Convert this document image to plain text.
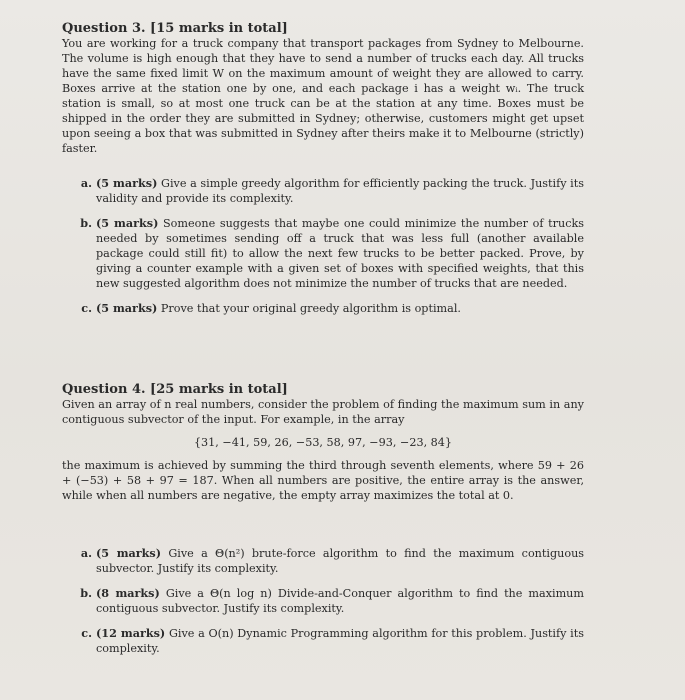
Question 3. [15 marks in total]
You are working for a truck company that transport packages from Sydney to Melbourne. The volume is high enough that they have to send a number of trucks each day. All trucks have the same fixed limit W on the maximum amount of weight they are allowed to carry. Boxes arrive at the station one by one, and each package i has a weight wᵢ. The truck station is small, so at most one truck can be at the station at any time. Boxes must be shipped in the order they are submitted in Sydney; otherwise, customers might get upset upon seeing a box that was submitted in Sydney after theirs make it to Melbourne (strictly) faster.
a. (5 marks) Give a simple greedy algorithm for efficiently packing the truck. Justify its validity and provide its complexity.
b. (5 marks) Someone suggests that maybe one could minimize the number of trucks needed by sometimes sending off a truck that was less full (another available package could still fit) to allow the next few trucks to be better packed. Prove, by giving a counter example with a given set of boxes with specified weights, that this new suggested algorithm does not minimize the number of trucks that are needed.
c. (5 marks) Prove that your original greedy algorithm is optimal.
Question 4. [25 marks in total]
Given an array of n real numbers, consider the problem of finding the maximum sum in any contiguous subvector of the input. For example, in the array
{31, −41, 59, 26, −53, 58, 97, −93, −23, 84}
the maximum is achieved by summing the third through seventh elements, where 59 + 26 + (−53) + 58 + 97 = 187. When all numbers are positive, the entire array is the answer, while when all numbers are negative, the empty array maximizes the total at 0.
a. (5 marks) Give a Θ(n²) brute-force algorithm to find the maximum contiguous subvector. Justify its complexity.
b. (8 marks) Give a Θ(n log n) Divide-and-Conquer algorithm to find the maximum contiguous subvector. Justify its complexity.
c. (12 marks) Give a O(n) Dynamic Programming algorithm for this problem. Justify its complexity.
